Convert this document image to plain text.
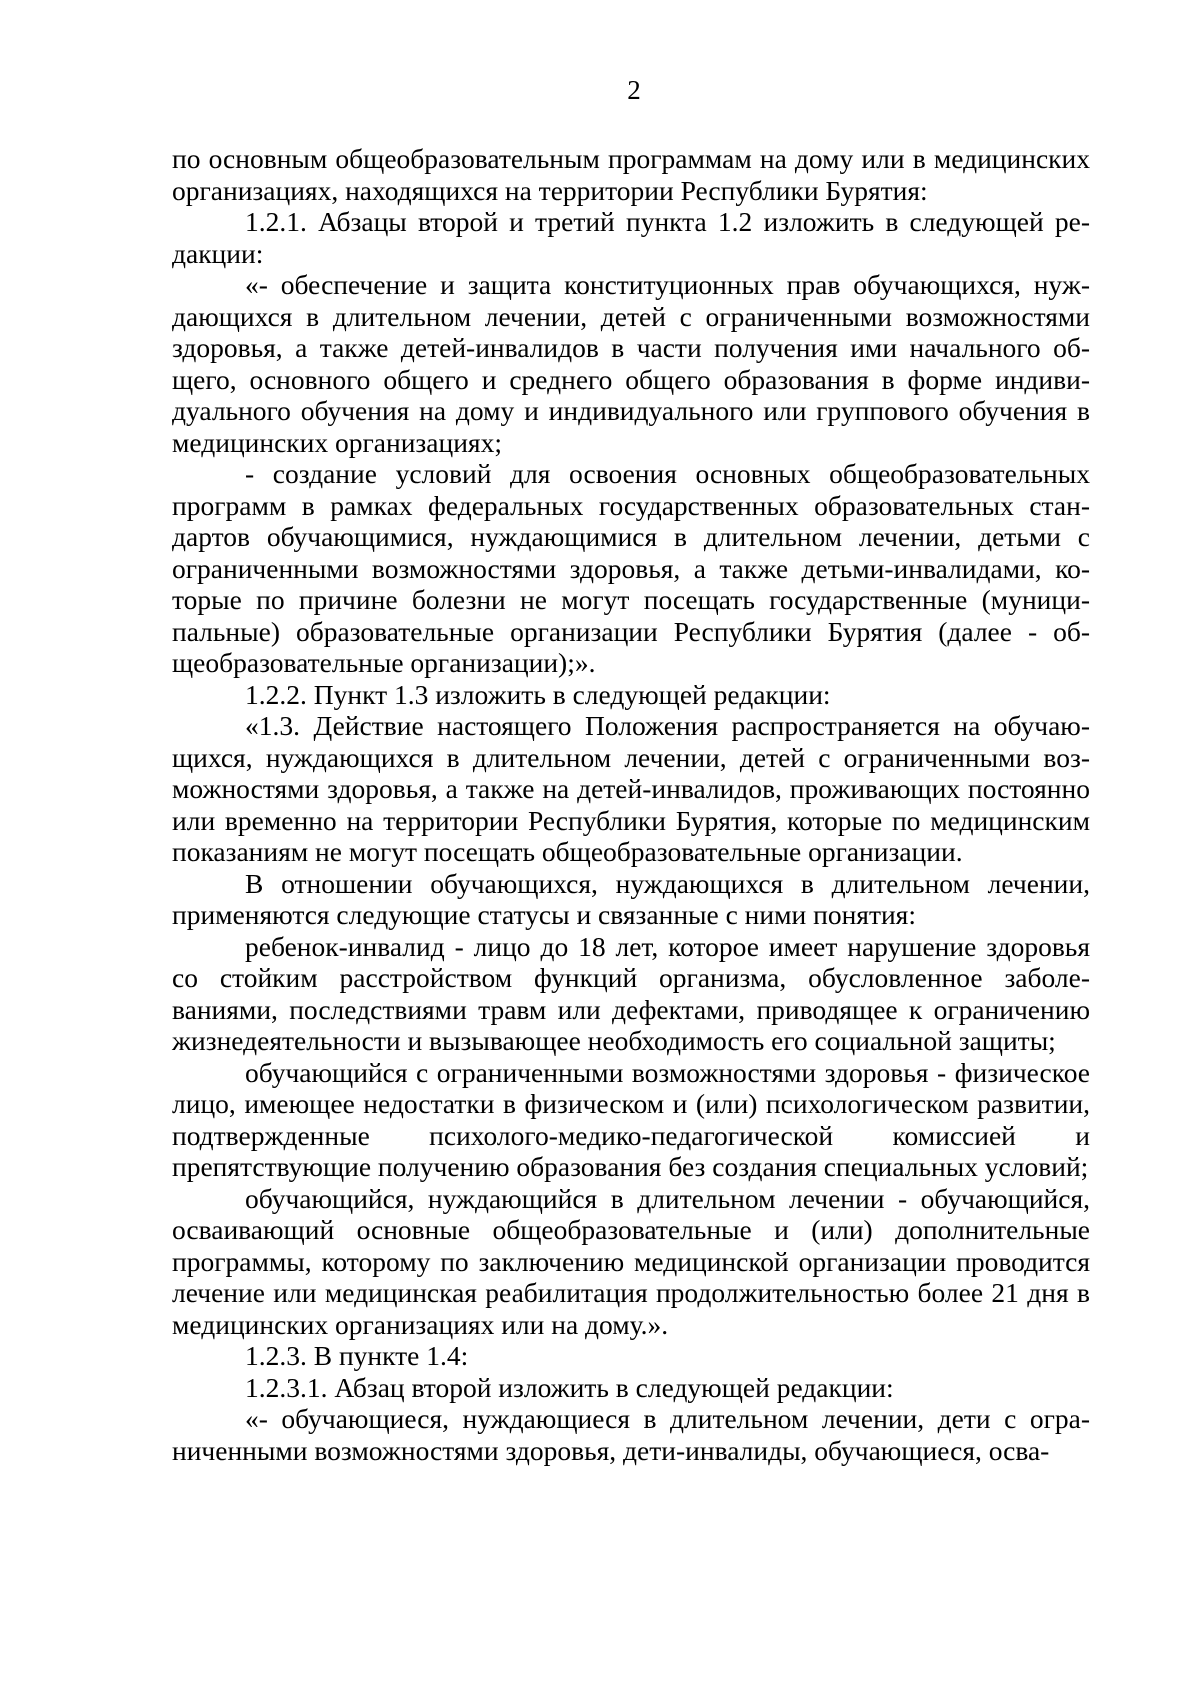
2

по основным общеобразовательным программам на дому или в медицинских организациях, находящихся на территории Республики Бурятия:

1.2.1. Абзацы второй и третий пункта 1.2 изложить в следующей редакции:

«- обеспечение и защита конституционных прав обучающихся, нуждающихся в длительном лечении, детей с ограниченными возможностями здоровья, а также детей-инвалидов в части получения ими начального общего, основного общего и среднего общего образования в форме индивидуального обучения на дому и индивидуального или группового обучения в медицинских организациях;

- создание условий для освоения основных общеобразовательных программ в рамках федеральных государственных образовательных стандартов обучающимися, нуждающимися в длительном лечении, детьми с ограниченными возможностями здоровья, а также детьми-инвалидами, которые по причине болезни не могут посещать государственные (муниципальные) образовательные организации Республики Бурятия (далее - общеобразовательные организации);».

1.2.2. Пункт 1.3 изложить в следующей редакции:

«1.3. Действие настоящего Положения распространяется на обучающихся, нуждающихся в длительном лечении, детей с ограниченными возможностями здоровья, а также на детей-инвалидов, проживающих постоянно или временно на территории Республики Бурятия, которые по медицинским показаниям не могут посещать общеобразовательные организации.

В отношении обучающихся, нуждающихся в длительном лечении, применяются следующие статусы и связанные с ними понятия:

ребенок-инвалид - лицо до 18 лет, которое имеет нарушение здоровья со стойким расстройством функций организма, обусловленное заболеваниями, последствиями травм или дефектами, приводящее к ограничению жизнедеятельности и вызывающее необходимость его социальной защиты;

обучающийся с ограниченными возможностями здоровья - физическое лицо, имеющее недостатки в физическом и (или) психологическом развитии, подтвержденные психолого-медико-педагогической комиссией и препятствующие получению образования без создания специальных условий;

обучающийся, нуждающийся в длительном лечении - обучающийся, осваивающий основные общеобразовательные и (или) дополнительные программы, которому по заключению медицинской организации проводится лечение или медицинская реабилитация продолжительностью более 21 дня в медицинских организациях или на дому.».

1.2.3. В пункте 1.4:

1.2.3.1. Абзац второй изложить в следующей редакции:

«- обучающиеся, нуждающиеся в длительном лечении, дети с ограниченными возможностями здоровья, дети-инвалиды, обучающиеся, осва-
